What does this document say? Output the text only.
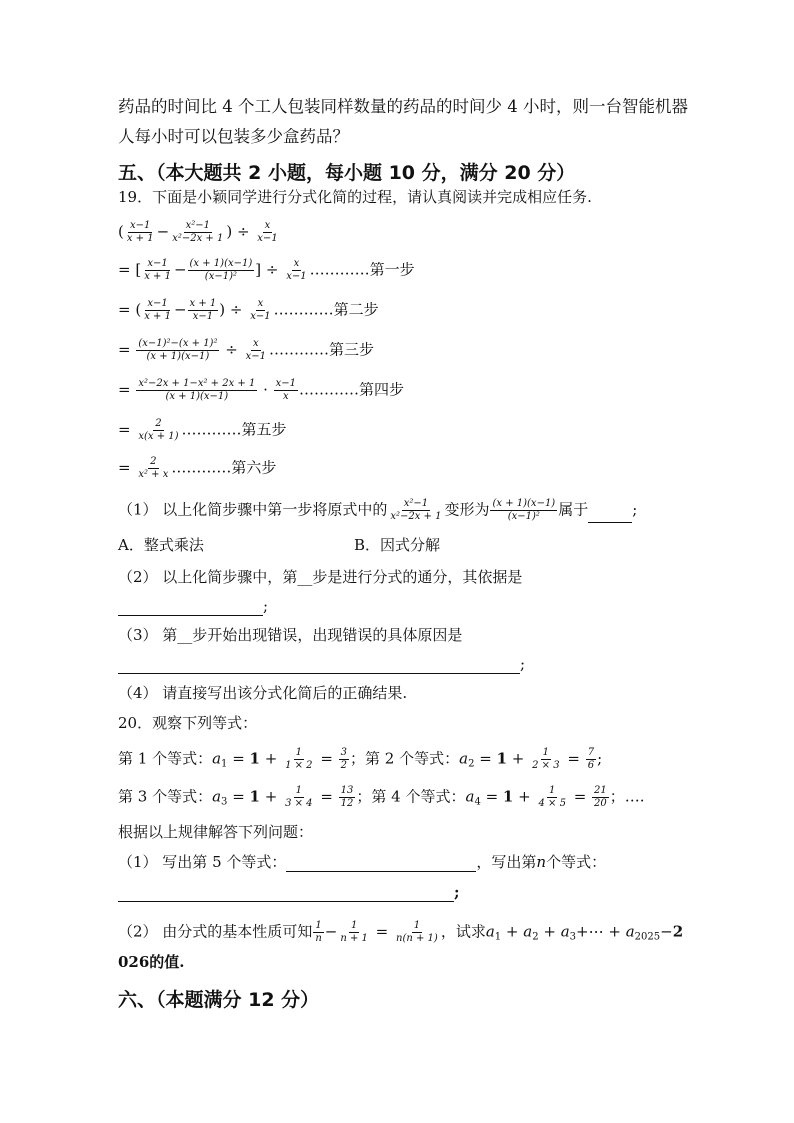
药品的时间比 4 个工人包装同样数量的药品的时间少 4 小时，则一台智能机器
人每小时可以包装多少盒药品？
五、（本大题共 2 小题，每小题 10 分，满分 20 分）
19．下面是小颖同学进行分式化简的过程，请认真阅读并完成相应任务.
( $\frac{x-1}{x + 1} - \frac{\text{x²−1}}{\text{x²−2x + 1}}$ ) ÷ $\frac{x}{x-1}$
= [ $\frac{x-1}{x + 1} - \frac{(x + 1)(x-1)}{\text{(x−1)²}}$ ] ÷ $\frac{x}{x-1}$ …………第一步
= ( $\frac{x-1}{x + 1} - \frac{x + 1}{x-1}$ ) ÷ $\frac{x}{x-1}$ …………第二步
= $\frac{\text{(x−1)²−(x + 1)²}}{(x + 1)(x-1)} \div \frac{x}{x-1}$ …………第三步
= $\frac{\text{x²−2x + 1−x² + 2x + 1}}{(x + 1)(x-1)} \cdot \frac{x-1}{x}$ …………第四步
= $\frac{2}{x(x + 1)}$ …………第五步
= $\frac{2}{\text{x² + x}}$ …………第六步
（1） 以上化简步骤中第一步将原式中的 $\frac{\text{x²−1}}{\text{x²−2x + 1}}$ 变形为 $\frac{(x + 1)(x-1)}{\text{(x−1)²}}$ 属于	;
A．整式乘法	B．因式分解
（2） 以上化简步骤中，第__步是进行分式的通分，其依据是
;
（3） 第__步开始出现错误，出现错误的具体原因是
;
（4） 请直接写出该分式化简后的正确结果.
20．观察下列等式：
第 1 个等式：$a_1 = 1 + \frac{1}{1 \times 2} = \frac{3}{2}$ ；第 2 个等式：$a_2 = 1 + \frac{1}{2 \times 3} = \frac{7}{6}$ ;
第 3 个等式：$a_3 = 1 + \frac{1}{3 \times 4} = \frac{13}{12}$ ；第 4 个等式：$a_4 = 1 + \frac{1}{4 \times 5} = \frac{21}{20}$ ；….
根据以上规律解答下列问题：
（1） 写出第 5 个等式：	，写出第n个等式：
;
（2） 由分式的基本性质可知 $\frac{1}{n} - \frac{1}{n + 1} = \frac{1}{n(n + 1)}$ ，试求$a_1 + a_2$ + $a_3+\cdots + a_{2025}-2$
026的值.
六、（本题满分 12 分）
